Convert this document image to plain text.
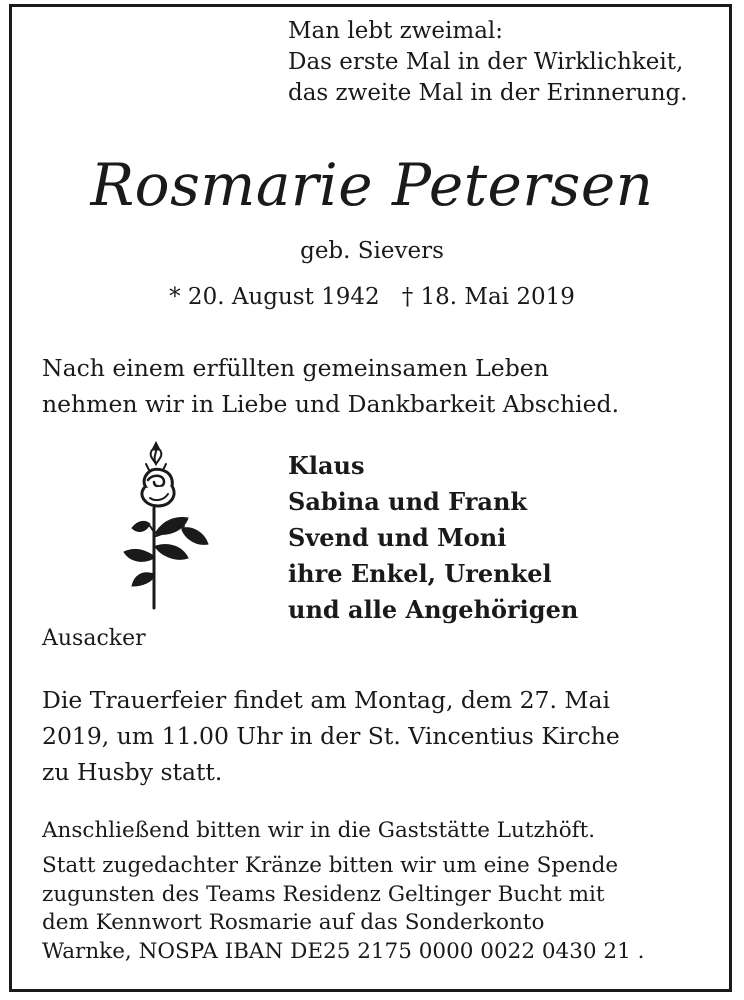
Man lebt zweimal:
Das erste Mal in der Wirklichkeit,
das zweite Mal in der Erinnerung.
Rosmarie Petersen
geb. Sievers
* 20. August 1942 † 18. Mai 2019
Nach einem erfüllten gemeinsamen Leben
nehmen wir in Liebe und Dankbarkeit Abschied.
Klaus
Sabina und Frank
Svend und Moni
ihre Enkel, Urenkel
und alle Angehörigen
Ausacker
Die Trauerfeier findet am Montag, dem 27. Mai
2019, um 11.00 Uhr in der St. Vincentius Kirche
zu Husby statt.
Anschließend bitten wir in die Gaststätte Lutzhöft.
Statt zugedachter Kränze bitten wir um eine Spende
zugunsten des Teams Residenz Geltinger Bucht mit
dem Kennwort Rosmarie auf das Sonderkonto
Warnke, NOSPA IBAN DE25 2175 0000 0022 0430 21 .
